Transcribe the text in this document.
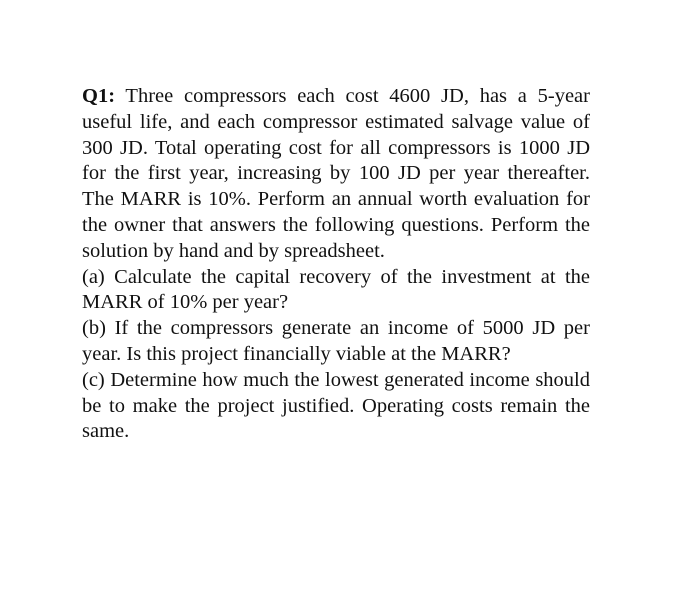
Q1: Three compressors each cost 4600 JD, has a 5-year useful life, and each compressor estimated salvage value of 300 JD. Total operating cost for all compressors is 1000 JD for the first year, increasing by 100 JD per year thereafter. The MARR is 10%. Perform an annual worth evaluation for the owner that answers the following questions. Perform the solution by hand and by spreadsheet.

(a) Calculate the capital recovery of the investment at the MARR of 10% per year?

(b) If the compressors generate an income of 5000 JD per year. Is this project financially viable at the MARR?

(c) Determine how much the lowest generated income should be to make the project justified. Operating costs remain the same.
